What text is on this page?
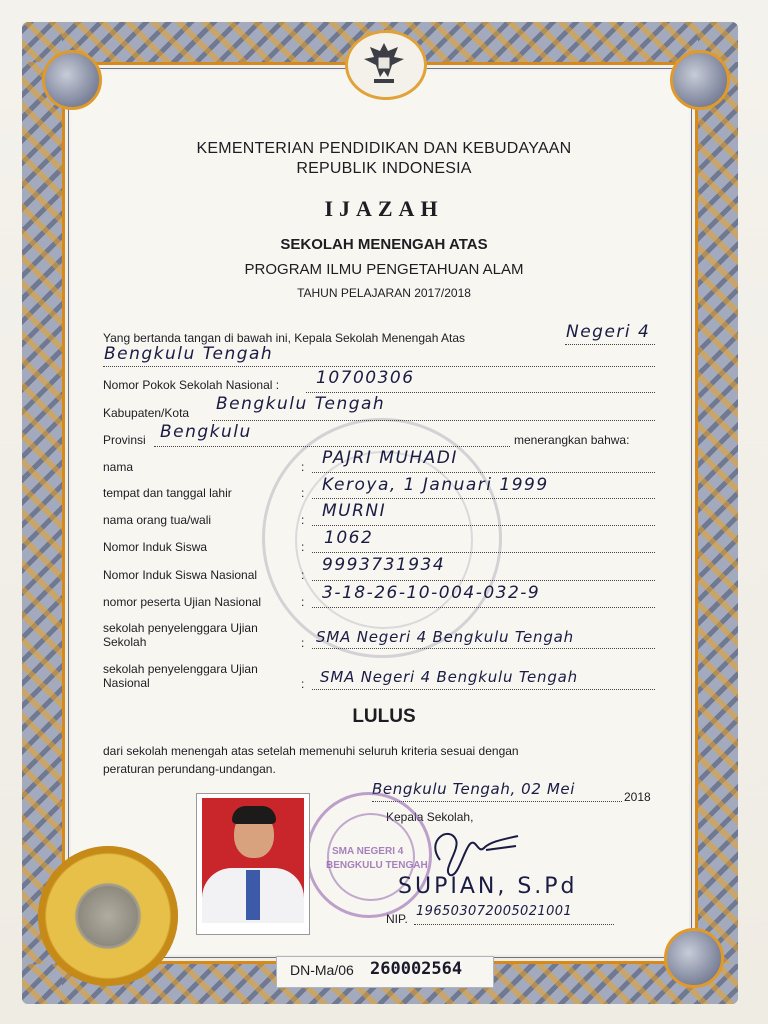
KEMENTERIAN PENDIDIKAN DAN KEBUDAYAAN
REPUBLIK INDONESIA
IJAZAH
SEKOLAH MENENGAH ATAS
PROGRAM ILMU PENGETAHUAN ALAM
TAHUN PELAJARAN 2017/2018
Yang bertanda tangan di bawah ini, Kepala Sekolah Menengah Atas	Negeri 4
Bengkulu Tengah
Nomor Pokok Sekolah Nasional : 10700306
Kabupaten/Kota Bengkulu Tengah
Provinsi Bengkulu	menerangkan bahwa:
nama	: PAJRI MUHADI
tempat dan tanggal lahir	: Keroya, 1 Januari 1999
nama orang tua/wali	: MURNI
Nomor Induk Siswa	: 1062
Nomor Induk Siswa Nasional	: 9993731934
nomor peserta Ujian Nasional	: 3-18-26-10-004-032-9
sekolah penyelenggara Ujian
Sekolah	: SMA Negeri 4 Bengkulu Tengah
sekolah penyelenggara Ujian
Nasional	: SMA Negeri 4 Bengkulu Tengah
LULUS
dari sekolah menengah atas setelah memenuhi seluruh kriteria sesuai dengan
peraturan perundang-undangan.
Bengkulu Tengah, 02 Mei	2018
Kepala Sekolah,
SMA NEGERI 4
BENGKULU TENGAH
SUPIAN, S.Pd
NIP. 196503072005021001
DN-Ma/06 260002564
